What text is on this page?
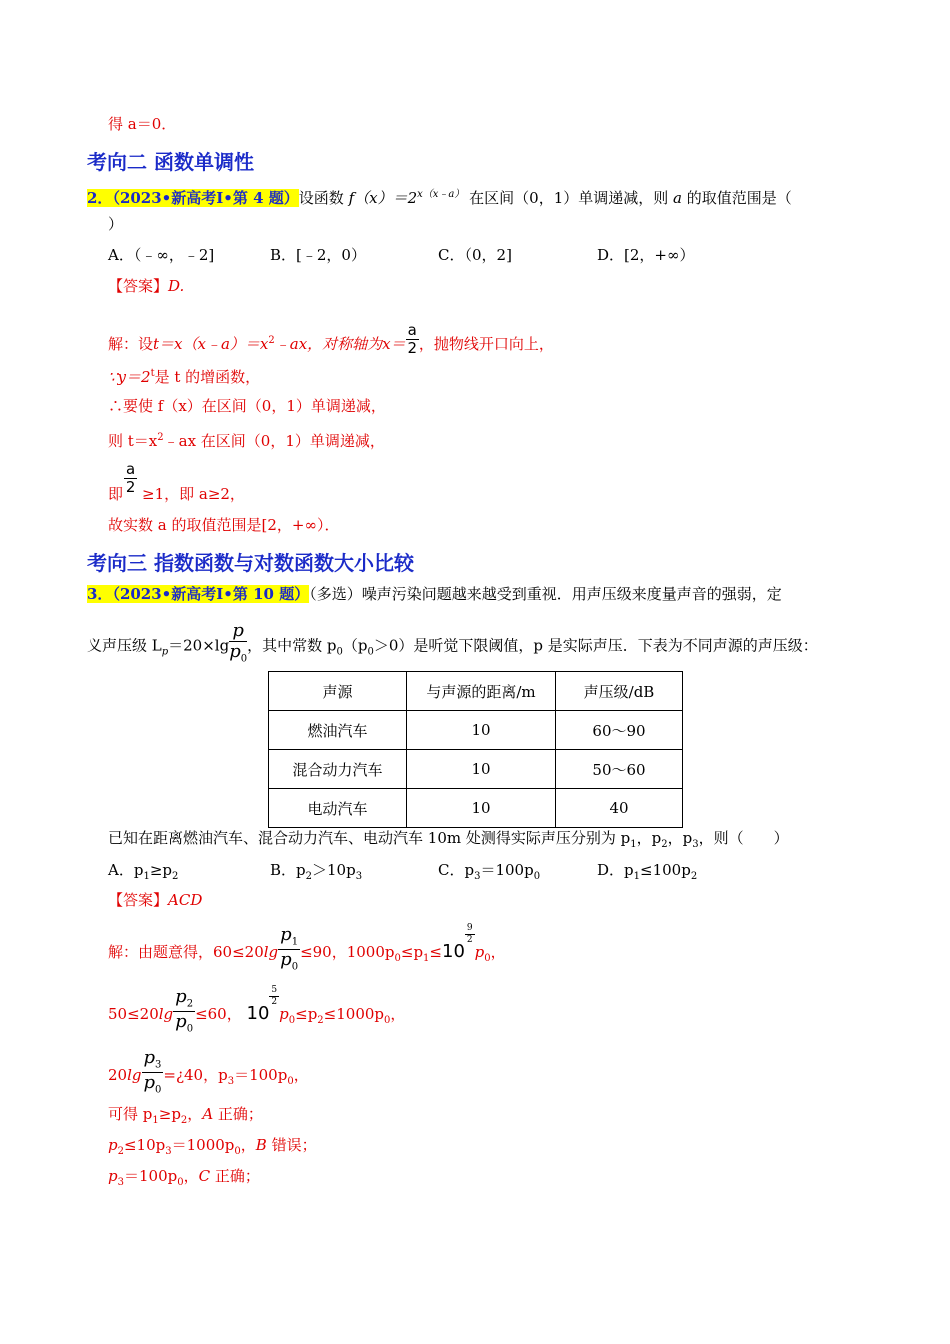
得 a＝0．
考向二 函数单调性
2．（2023•新高考Ⅰ•第 4 题）设函数 $f(x)=2^{x(x﹣a)}$ 在区间（0，1）单调递减，则 a 的取值范围是（
）
A．（﹣∞，﹣2]	B．[﹣2，0）	C．（0，2]	D．[2，+∞）
【答案】D.
解：设$t=x(x﹣a)=x^2﹣ax$，对称轴为$x= \frac{a}{2}$ ，抛物线开口向上，
$\because y=2^t$是 t 的增函数，
∴要使 f（x）在区间（0，1）单调递减，
则 $t=x^2﹣ax$ 在区间（0，1）单调递减，
即 $\frac{a}{2} \ge 1$，即 a≥2，
故实数 a 的取值范围是[2，+∞）．
考向三 指数函数与对数函数大小比较
3．（2023•新高考Ⅰ•第 10 题）（多选）噪声污染问题越来越受到重视．用声压级来度量声音的强弱，定
义声压级 $L_p=20\times\lg \frac{p}{p_0}$ ，其中常数 $p_0(p_0>0)$是听觉下限阈值，p 是实际声压．下表为不同声源的声压级：
声源	与声源的距离/m	声压级/dB
燃油汽车	10	60～90
混合动力汽车	10	50～60
电动汽车	10	40
已知在距离燃油汽车、混合动力汽车、电动汽车 10m 处测得实际声压分别为 $p_1$，$p_2$，$p_3$，则（　　）
A．$p_1\ge p_2$	B．$p_2>10p_3$	C．$p_3=100p_0$	D．$p_1\le 100p_2$
【答案】ACD
解：由题意得，$60\le 20\lg \frac{p_1}{p_0} \le 90$，$1000p_0\le p_1\le 10$
$^{\frac{9}{2}}$
$p_0$，
$50\le 20\lg \frac{p_2}{p_0} \le 60$， 10
$^{\frac{5}{2}}$
$p_0\le p_2\le 1000p_0$，
$20\lg \frac{p_3}{p_0}$ =¿40，$p_3=100p_0$，
可得 $p_1\ge p_2$，A 正确；
$p_2\le 10p_3=1000p_0$，B 错误；
$p_3=100p_0$，C 正确；
